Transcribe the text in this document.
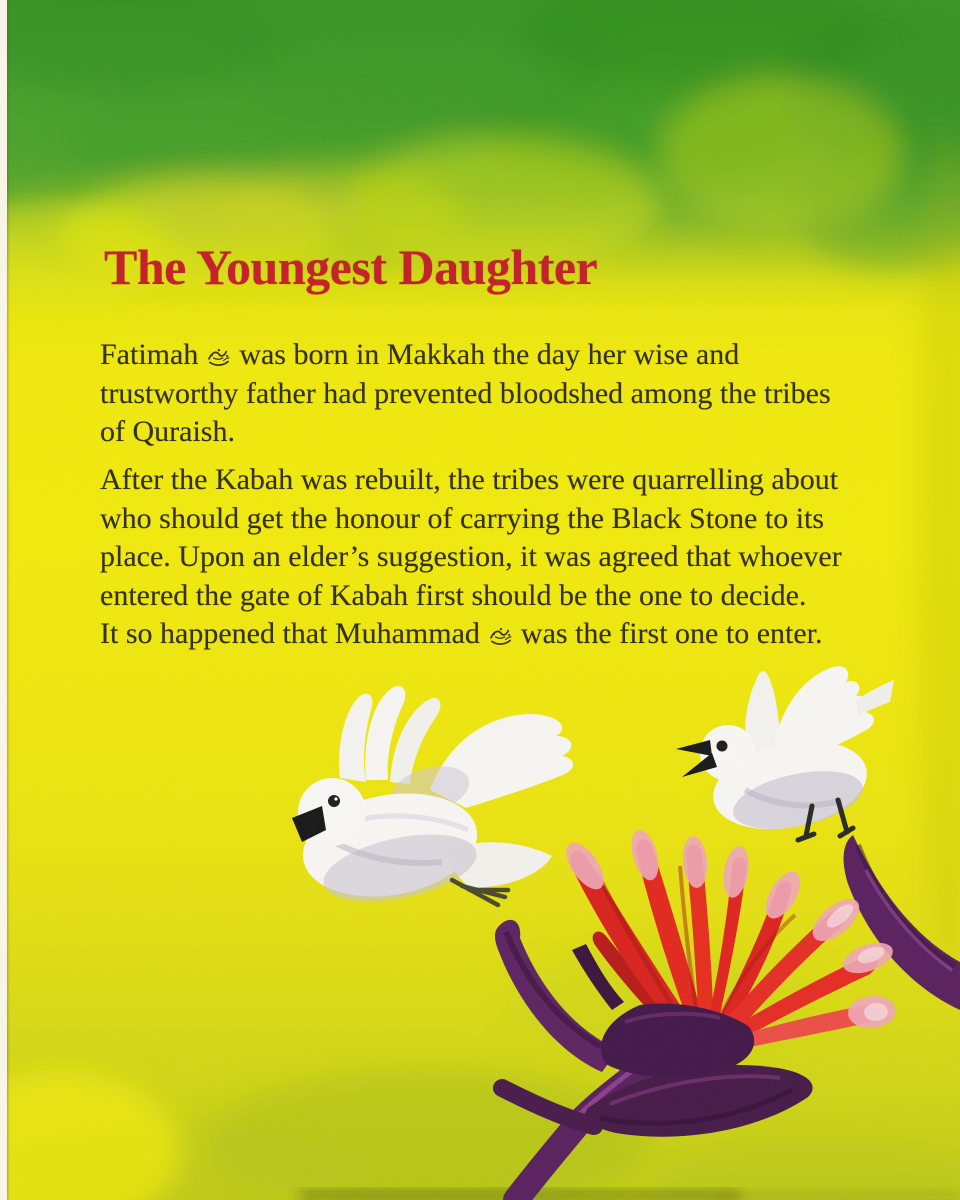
The Youngest Daughter
Fatimah was born in Makkah the day her wise and
trustworthy father had prevented bloodshed among the tribes
of Quraish.
After the Kabah was rebuilt, the tribes were quarrelling about
who should get the honour of carrying the Black Stone to its
place. Upon an elder’s suggestion, it was agreed that whoever
entered the gate of Kabah first should be the one to decide.
It so happened that Muhammad was the first one to enter.
